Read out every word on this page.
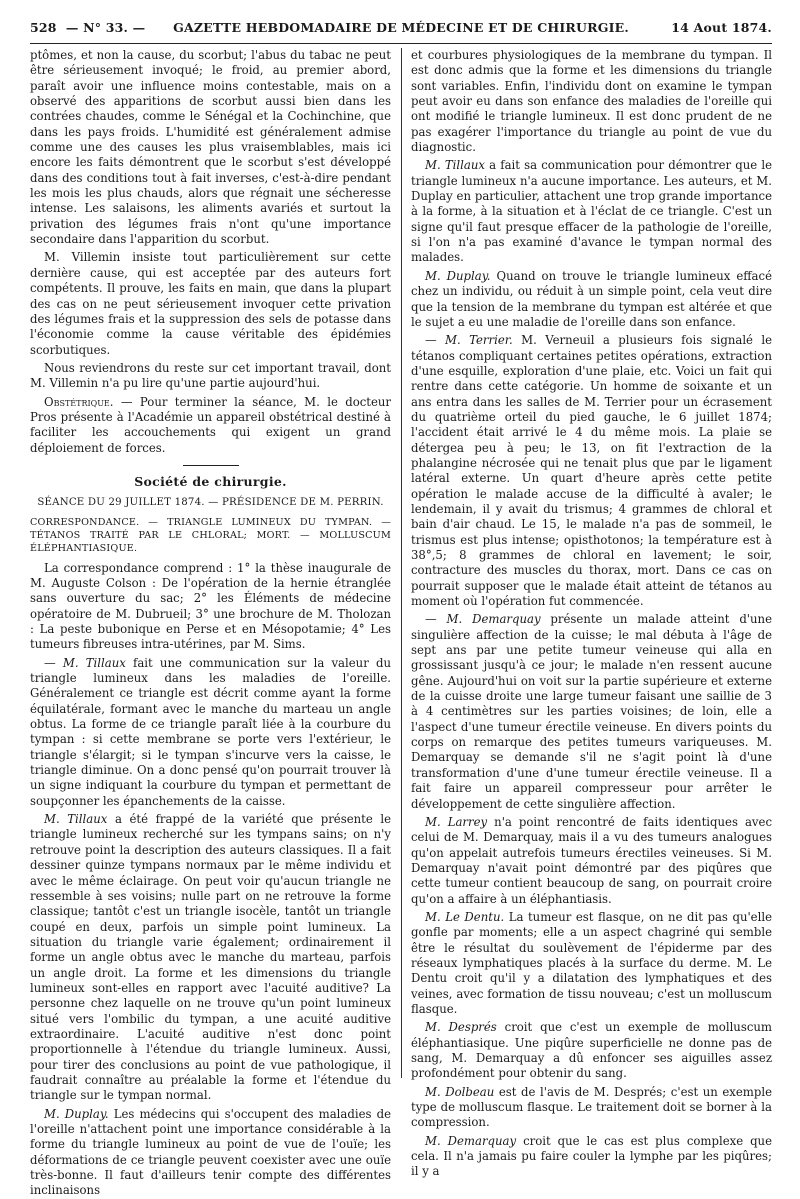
528 — N° 33. —	GAZETTE HEBDOMADAIRE DE MÉDECINE ET DE CHIRURGIE.	14 Aout 1874.

ptômes, et non la cause, du scorbut; l'abus du tabac ne peut être sérieusement invoqué; le froid, au premier abord, paraît avoir une influence moins contestable, mais on a observé des apparitions de scorbut aussi bien dans les contrées chaudes, comme le Sénégal et la Cochinchine, que dans les pays froids. L'humidité est généralement admise comme une des causes les plus vraisemblables, mais ici encore les faits démontrent que le scorbut s'est développé dans des conditions tout à fait inverses, c'est-à-dire pendant les mois les plus chauds, alors que régnait une sécheresse intense. Les salaisons, les aliments avariés et surtout la privation des légumes frais n'ont qu'une importance secondaire dans l'apparition du scorbut.

M. Villemin insiste tout particulièrement sur cette dernière cause, qui est acceptée par des auteurs fort compétents. Il prouve, les faits en main, que dans la plupart des cas on ne peut sérieusement invoquer cette privation des légumes frais et la suppression des sels de potasse dans l'économie comme la cause véritable des épidémies scorbutiques.

Nous reviendrons du reste sur cet important travail, dont M. Villemin n'a pu lire qu'une partie aujourd'hui.

Obstétrique. — Pour terminer la séance, M. le docteur Pros présente à l'Académie un appareil obstétrical destiné à faciliter les accouchements qui exigent un grand déploiement de forces.

Société de chirurgie.

SÉANCE DU 29 JUILLET 1874. — PRÉSIDENCE DE M. PERRIN.

CORRESPONDANCE. — TRIANGLE LUMINEUX DU TYMPAN. — TÉTANOS TRAITÉ PAR LE CHLORAL; MORT. — MOLLUSCUM ÉLÉPHANTIASIQUE.

La correspondance comprend : 1° la thèse inaugurale de M. Auguste Colson : De l'opération de la hernie étranglée sans ouverture du sac; 2° les Éléments de médecine opératoire de M. Dubrueil; 3° une brochure de M. Tholozan : La peste bubonique en Perse et en Mésopotamie; 4° Les tumeurs fibreuses intra-utérines, par M. Sims.

— M. Tillaux fait une communication sur la valeur du triangle lumineux dans les maladies de l'oreille. Généralement ce triangle est décrit comme ayant la forme équilatérale, formant avec le manche du marteau un angle obtus. La forme de ce triangle paraît liée à la courbure du tympan : si cette membrane se porte vers l'extérieur, le triangle s'élargit; si le tympan s'incurve vers la caisse, le triangle diminue. On a donc pensé qu'on pourrait trouver là un signe indiquant la courbure du tympan et permettant de soupçonner les épanchements de la caisse.

M. Tillaux a été frappé de la variété que présente le triangle lumineux recherché sur les tympans sains; on n'y retrouve point la description des auteurs classiques. Il a fait dessiner quinze tympans normaux par le même individu et avec le même éclairage. On peut voir qu'aucun triangle ne ressemble à ses voisins; nulle part on ne retrouve la forme classique; tantôt c'est un triangle isocèle, tantôt un triangle coupé en deux, parfois un simple point lumineux. La situation du triangle varie également; ordinairement il forme un angle obtus avec le manche du marteau, parfois un angle droit. La forme et les dimensions du triangle lumineux sont-elles en rapport avec l'acuité auditive? La personne chez laquelle on ne trouve qu'un point lumineux situé vers l'ombilic du tympan, a une acuité auditive extraordinaire. L'acuité auditive n'est donc point proportionnelle à l'étendue du triangle lumineux. Aussi, pour tirer des conclusions au point de vue pathologique, il faudrait connaître au préalable la forme et l'étendue du triangle sur le tympan normal.

M. Duplay. Les médecins qui s'occupent des maladies de l'oreille n'attachent point une importance considérable à la forme du triangle lumineux au point de vue de l'ouïe; les déformations de ce triangle peuvent coexister avec une ouïe très-bonne. Il faut d'ailleurs tenir compte des différentes inclinaisons

et courbures physiologiques de la membrane du tympan. Il est donc admis que la forme et les dimensions du triangle sont variables. Enfin, l'individu dont on examine le tympan peut avoir eu dans son enfance des maladies de l'oreille qui ont modifié le triangle lumineux. Il est donc prudent de ne pas exagérer l'importance du triangle au point de vue du diagnostic.

M. Tillaux a fait sa communication pour démontrer que le triangle lumineux n'a aucune importance. Les auteurs, et M. Duplay en particulier, attachent une trop grande importance à la forme, à la situation et à l'éclat de ce triangle. C'est un signe qu'il faut presque effacer de la pathologie de l'oreille, si l'on n'a pas examiné d'avance le tympan normal des malades.

M. Duplay. Quand on trouve le triangle lumineux effacé chez un individu, ou réduit à un simple point, cela veut dire que la tension de la membrane du tympan est altérée et que le sujet a eu une maladie de l'oreille dans son enfance.

— M. Terrier. M. Verneuil a plusieurs fois signalé le tétanos compliquant certaines petites opérations, extraction d'une esquille, exploration d'une plaie, etc. Voici un fait qui rentre dans cette catégorie. Un homme de soixante et un ans entra dans les salles de M. Terrier pour un écrasement du quatrième orteil du pied gauche, le 6 juillet 1874; l'accident était arrivé le 4 du même mois. La plaie se détergea peu à peu; le 13, on fit l'extraction de la phalangine nécrosée qui ne tenait plus que par le ligament latéral externe. Un quart d'heure après cette petite opération le malade accuse de la difficulté à avaler; le lendemain, il y avait du trismus; 4 grammes de chloral et bain d'air chaud. Le 15, le malade n'a pas de sommeil, le trismus est plus intense; opisthotonos; la température est à 38°,5; 8 grammes de chloral en lavement; le soir, contracture des muscles du thorax, mort. Dans ce cas on pourrait supposer que le malade était atteint de tétanos au moment où l'opération fut commencée.

— M. Demarquay présente un malade atteint d'une singulière affection de la cuisse; le mal débuta à l'âge de sept ans par une petite tumeur veineuse qui alla en grossissant jusqu'à ce jour; le malade n'en ressent aucune gêne. Aujourd'hui on voit sur la partie supérieure et externe de la cuisse droite une large tumeur faisant une saillie de 3 à 4 centimètres sur les parties voisines; de loin, elle a l'aspect d'une tumeur érectile veineuse. En divers points du corps on remarque des petites tumeurs variqueuses. M. Demarquay se demande s'il ne s'agit point là d'une transformation d'une d'une tumeur érectile veineuse. Il a fait faire un appareil compresseur pour arrêter le développement de cette singulière affection.

M. Larrey n'a point rencontré de faits identiques avec celui de M. Demarquay, mais il a vu des tumeurs analogues qu'on appelait autrefois tumeurs érectiles veineuses. Si M. Demarquay n'avait point démontré par des piqûres que cette tumeur contient beaucoup de sang, on pourrait croire qu'on a affaire à un éléphantiasis.

M. Le Dentu. La tumeur est flasque, on ne dit pas qu'elle gonfle par moments; elle a un aspect chagriné qui semble être le résultat du soulèvement de l'épiderme par des réseaux lymphatiques placés à la surface du derme. M. Le Dentu croit qu'il y a dilatation des lymphatiques et des veines, avec formation de tissu nouveau; c'est un molluscum flasque.

M. Després croit que c'est un exemple de molluscum éléphantiasique. Une piqûre superficielle ne donne pas de sang, M. Demarquay a dû enfoncer ses aiguilles assez profondément pour obtenir du sang.

M. Dolbeau est de l'avis de M. Després; c'est un exemple type de molluscum flasque. Le traitement doit se borner à la compression.

M. Demarquay croit que le cas est plus complexe que cela. Il n'a jamais pu faire couler la lymphe par les piqûres; il y a
